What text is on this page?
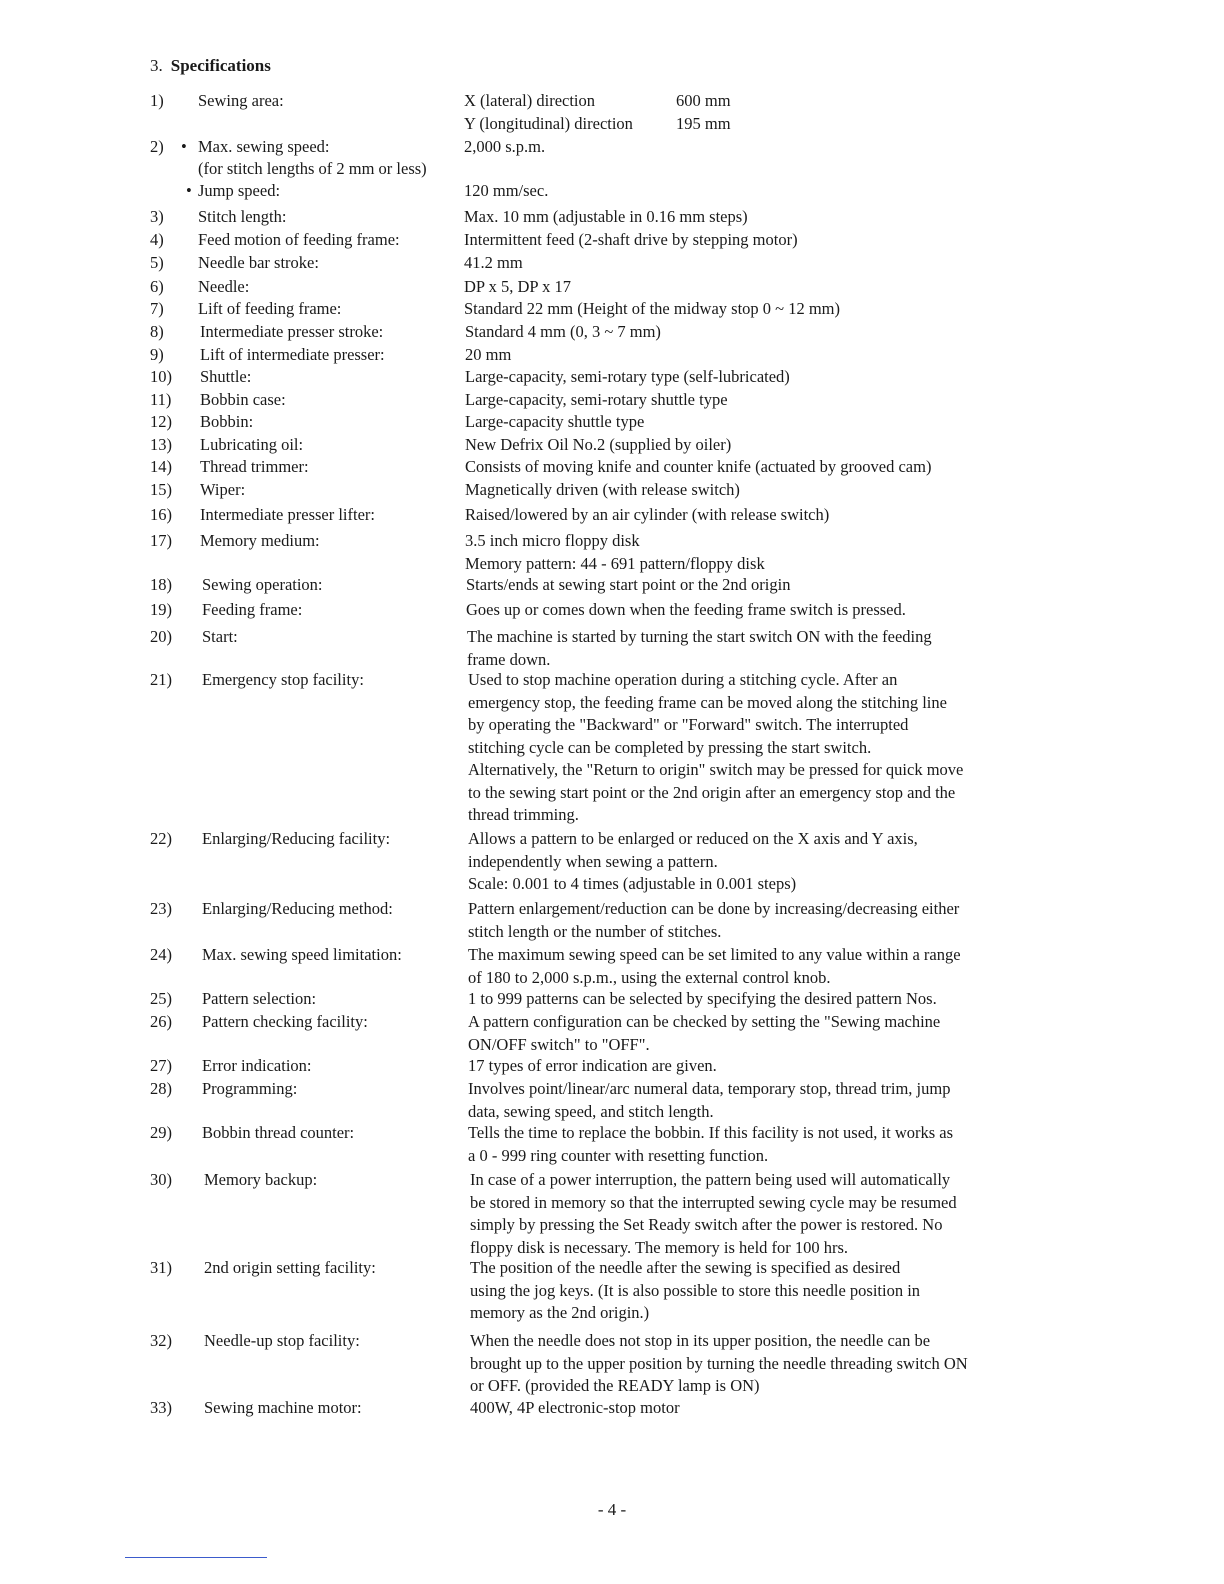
3. Specifications
1) Sewing area:	X (lateral) direction	600 mm
Y (longitudinal) direction	195 mm
2) • Max. sewing speed:	2,000 s.p.m.
(for stitch lengths of 2 mm or less)
• Jump speed:	120 mm/sec.
3) Stitch length:	Max. 10 mm (adjustable in 0.16 mm steps)
4) Feed motion of feeding frame:	Intermittent feed (2-shaft drive by stepping motor)
5) Needle bar stroke:	41.2 mm
6) Needle:	DP x 5, DP x 17
7) Lift of feeding frame:	Standard 22 mm (Height of the midway stop 0 ~ 12 mm)
8) Intermediate presser stroke:	Standard 4 mm (0, 3 ~ 7 mm)
9) Lift of intermediate presser:	20 mm
10) Shuttle:	Large-capacity, semi-rotary type (self-lubricated)
11) Bobbin case:	Large-capacity, semi-rotary shuttle type
12) Bobbin:	Large-capacity shuttle type
13) Lubricating oil:	New Defrix Oil No.2 (supplied by oiler)
14) Thread trimmer:	Consists of moving knife and counter knife (actuated by grooved cam)
15) Wiper:	Magnetically driven (with release switch)
16) Intermediate presser lifter:	Raised/lowered by an air cylinder (with release switch)
17) Memory medium:	3.5 inch micro floppy disk
Memory pattern: 44 - 691 pattern/floppy disk
18) Sewing operation:	Starts/ends at sewing start point or the 2nd origin
19) Feeding frame:	Goes up or comes down when the feeding frame switch is pressed.
20) Start:	The machine is started by turning the start switch ON with the feeding
frame down.
21) Emergency stop facility:	Used to stop machine operation during a stitching cycle. After an
emergency stop, the feeding frame can be moved along the stitching line
by operating the "Backward" or "Forward" switch. The interrupted
stitching cycle can be completed by pressing the start switch.
Alternatively, the "Return to origin" switch may be pressed for quick move
to the sewing start point or the 2nd origin after an emergency stop and the
thread trimming.
22) Enlarging/Reducing facility:	Allows a pattern to be enlarged or reduced on the X axis and Y axis,
independently when sewing a pattern.
Scale: 0.001 to 4 times (adjustable in 0.001 steps)
23) Enlarging/Reducing method:	Pattern enlargement/reduction can be done by increasing/decreasing either
stitch length or the number of stitches.
24) Max. sewing speed limitation:	The maximum sewing speed can be set limited to any value within a range
of 180 to 2,000 s.p.m., using the external control knob.
25) Pattern selection:	1 to 999 patterns can be selected by specifying the desired pattern Nos.
26) Pattern checking facility:	A pattern configuration can be checked by setting the "Sewing machine
ON/OFF switch" to "OFF".
27) Error indication:	17 types of error indication are given.
28) Programming:	Involves point/linear/arc numeral data, temporary stop, thread trim, jump
data, sewing speed, and stitch length.
29) Bobbin thread counter:	Tells the time to replace the bobbin. If this facility is not used, it works as
a 0 - 999 ring counter with resetting function.
30) Memory backup:	In case of a power interruption, the pattern being used will automatically
be stored in memory so that the interrupted sewing cycle may be resumed
simply by pressing the Set Ready switch after the power is restored. No
floppy disk is necessary. The memory is held for 100 hrs.
31) 2nd origin setting facility:	The position of the needle after the sewing is specified as desired
using the jog keys. (It is also possible to store this needle position in
memory as the 2nd origin.)
32) Needle-up stop facility:	When the needle does not stop in its upper position, the needle can be
brought up to the upper position by turning the needle threading switch ON
or OFF. (provided the READY lamp is ON)
33) Sewing machine motor:	400W, 4P electronic-stop motor
- 4 -
